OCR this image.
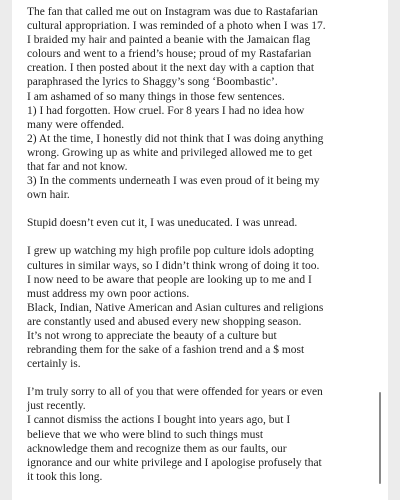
The fan that called me out on Instagram was due to Rastafarian
cultural appropriation. I was reminded of a photo when I was 17.
I braided my hair and painted a beanie with the Jamaican flag
colours and went to a friend’s house; proud of my Rastafarian
creation. I then posted about it the next day with a caption that
paraphrased the lyrics to Shaggy’s song ‘Boombastic’.
I am ashamed of so many things in those few sentences.
1) I had forgotten. How cruel. For 8 years I had no idea how
many were offended.
2) At the time, I honestly did not think that I was doing anything
wrong. Growing up as white and privileged allowed me to get
that far and not know.
3) In the comments underneath I was even proud of it being my
own hair.
Stupid doesn’t even cut it, I was uneducated. I was unread.
I grew up watching my high profile pop culture idols adopting
cultures in similar ways, so I didn’t think wrong of doing it too.
I now need to be aware that people are looking up to me and I
must address my own poor actions.
Black, Indian, Native American and Asian cultures and religions
are constantly used and abused every new shopping season.
It’s not wrong to appreciate the beauty of a culture but
rebranding them for the sake of a fashion trend and a $ most
certainly is.
I’m truly sorry to all of you that were offended for years or even
just recently.
I cannot dismiss the actions I bought into years ago, but I
believe that we who were blind to such things must
acknowledge them and recognize them as our faults, our
ignorance and our white privilege and I apologise profusely that
it took this long.
